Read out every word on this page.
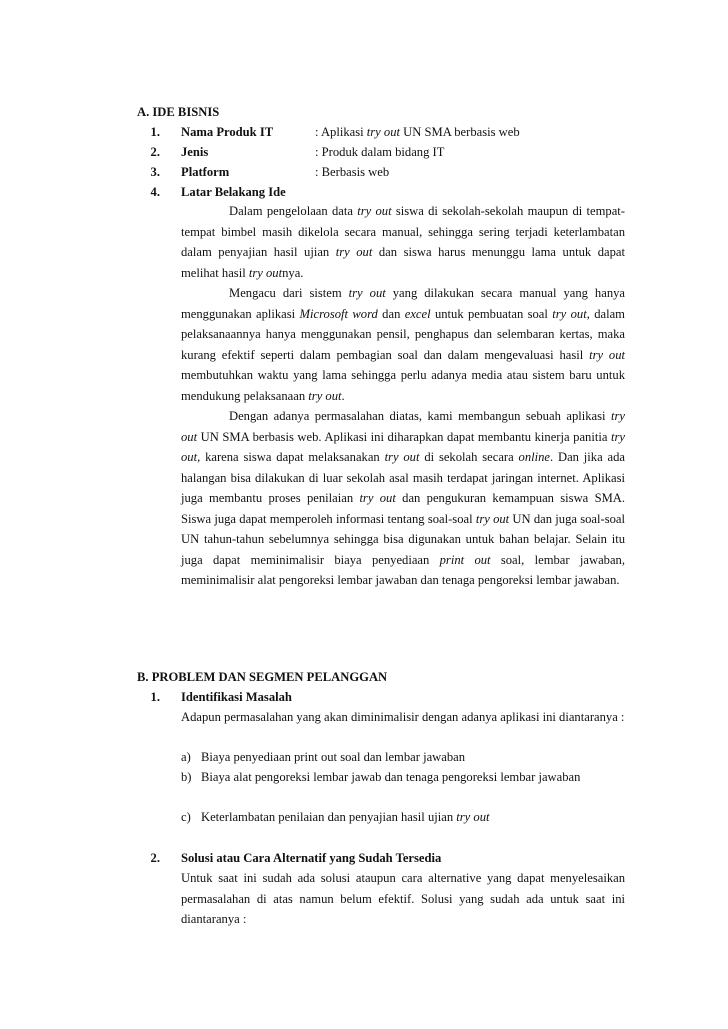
A. IDE BISNIS
1. Nama Produk IT	: Aplikasi try out UN SMA berbasis web
2. Jenis	: Produk dalam bidang IT
3. Platform	: Berbasis web
4. Latar Belakang Ide

Dalam pengelolaan data try out siswa di sekolah-sekolah maupun di tempat-tempat bimbel masih dikelola secara manual, sehingga sering terjadi keterlambatan dalam penyajian hasil ujian try out dan siswa harus menunggu lama untuk dapat melihat hasil try outnya.

Mengacu dari sistem try out yang dilakukan secara manual yang hanya menggunakan aplikasi Microsoft word dan excel untuk pembuatan soal try out, dalam pelaksanaannya hanya menggunakan pensil, penghapus dan selembaran kertas, maka kurang efektif seperti dalam pembagian soal dan dalam mengevaluasi hasil try out membutuhkan waktu yang lama sehingga perlu adanya media atau sistem baru untuk mendukung pelaksanaan try out.

Dengan adanya permasalahan diatas, kami membangun sebuah aplikasi try out UN SMA berbasis web. Aplikasi ini diharapkan dapat membantu kinerja panitia try out, karena siswa dapat melaksanakan try out di sekolah secara online. Dan jika ada halangan bisa dilakukan di luar sekolah asal masih terdapat jaringan internet. Aplikasi juga membantu proses penilaian try out dan pengukuran kemampuan siswa SMA. Siswa juga dapat memperoleh informasi tentang soal-soal try out UN dan juga soal-soal UN tahun-tahun sebelumnya sehingga bisa digunakan untuk bahan belajar. Selain itu juga dapat meminimalisir biaya penyediaan print out soal, lembar jawaban, meminimalisir alat pengoreksi lembar jawaban dan tenaga pengoreksi lembar jawaban.

B. PROBLEM DAN SEGMEN PELANGGAN
1. Identifikasi Masalah
Adapun permasalahan yang akan diminimalisir dengan adanya aplikasi ini diantaranya :
a) Biaya penyediaan print out soal dan lembar jawaban
b) Biaya alat pengoreksi lembar jawab dan tenaga pengoreksi lembar jawaban
c) Keterlambatan penilaian dan penyajian hasil ujian try out
2. Solusi atau Cara Alternatif yang Sudah Tersedia
Untuk saat ini sudah ada solusi ataupun cara alternative yang dapat menyelesaikan permasalahan di atas namun belum efektif. Solusi yang sudah ada untuk saat ini diantaranya :
